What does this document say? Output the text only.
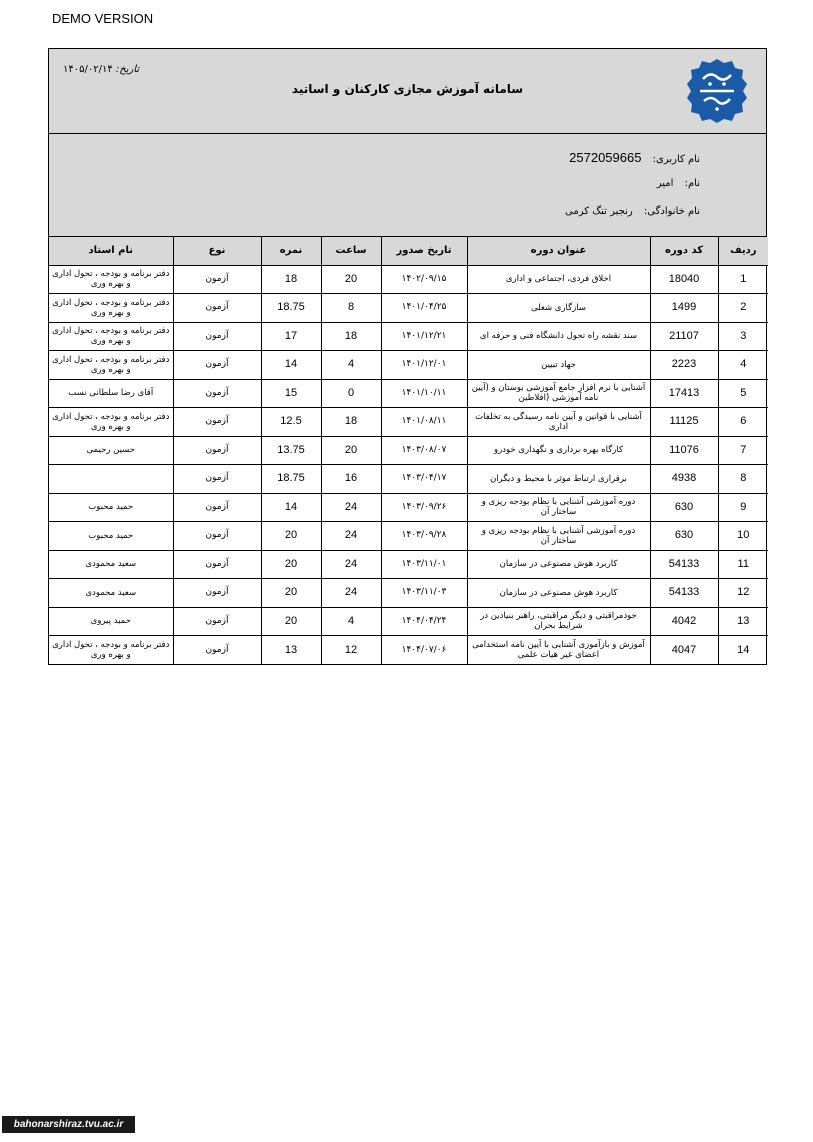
DEMO VERSION
تاریخ: ۱۴۰۵/۰۲/۱۴
سامانه آموزش مجازی کارکنان و اساتید
نام کاربری: 2572059665
نام: امیر
نام خانوادگی: رنجبر تنگ کرمی
ردیف	کد دوره	عنوان دوره	تاریخ صدور	ساعت	نمره	نوع	نام استاد
1	18040	اخلاق فردی، اجتماعی و اداری	۱۴۰۲/۰۹/۱۵	20	18	آزمون	دفتر برنامه و بودجه ، تحول اداری و بهره وری
2	1499	سازگاری شغلی	۱۴۰۱/۰۴/۲۵	8	18.75	آزمون	دفتر برنامه و بودجه ، تحول اداری و بهره وری
3	21107	سند نقشه راه تحول دانشگاه فنی و حرفه ای	۱۴۰۱/۱۲/۲۱	18	17	آزمون	دفتر برنامه و بودجه ، تحول اداری و بهره وری
4	2223	جهاد تبیین	۱۴۰۱/۱۲/۰۱	4	14	آزمون	دفتر برنامه و بودجه ، تحول اداری و بهره وری
5	17413	آشنایی با نرم افزار جامع آموزشی بوستان و (آیین نامه آموزشی (افلاطین	۱۴۰۱/۱۰/۱۱	0	15	آزمون	آقای رضا سلطانی نسب
6	11125	آشنایی با قوانین و آیین نامه رسیدگی به تخلفات اداری	۱۴۰۱/۰۸/۱۱	18	12.5	آزمون	دفتر برنامه و بودجه ، تحول اداری و بهره وری
7	11076	کارگاه بهره برداری و نگهداری خودرو	۱۴۰۳/۰۸/۰۷	20	13.75	آزمون	حسین رحیمی
8	4938	برقراری ارتباط موثر با محیط و دیگران	۱۴۰۳/۰۴/۱۷	16	18.75	آزمون	
9	630	دوره آموزشی آشنایی با نظام بودجه ریزی و ساختار آن	۱۴۰۳/۰۹/۲۶	24	14	آزمون	حمید محبوب
10	630	دوره آموزشی آشنایی با نظام بودجه ریزی و ساختار آن	۱۴۰۳/۰۹/۲۸	24	20	آزمون	حمید محبوب
11	54133	کاربرد هوش مصنوعی در سازمان	۱۴۰۳/۱۱/۰۱	24	20	آزمون	سعید محمودی
12	54133	کاربرد هوش مصنوعی در سازمان	۱۴۰۳/۱۱/۰۳	24	20	آزمون	سعید محمودی
13	4042	خودمراقبتی و دیگر مراقبتی، راهبر بنیادین در شرایط بحران	۱۴۰۴/۰۴/۲۴	4	20	آزمون	حمید پیروی
14	4047	آموزش و بازآموزی آشنایی با آیین نامه استخدامی اعضای غیر هیات علمی	۱۴۰۴/۰۷/۰۶	12	13	آزمون	دفتر برنامه و بودجه ، تحول اداری و بهره وری
bahonarshiraz.tvu.ac.ir
